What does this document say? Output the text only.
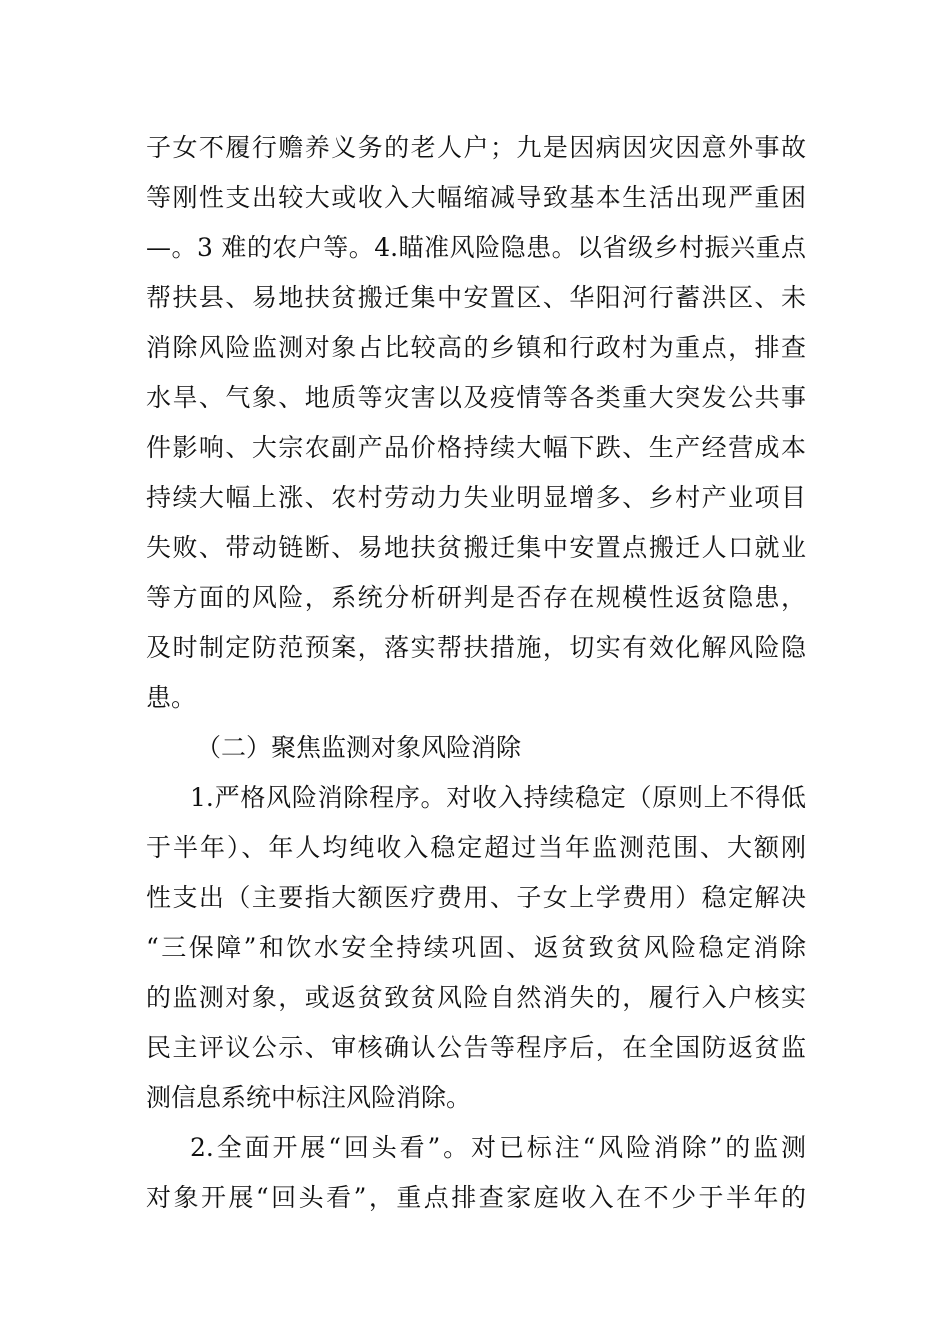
子女不履行赡养义务的老人户；九是因病因灾因意外事故
等刚性支出较大或收入大幅缩减导致基本生活出现严重困
—。3 难的农户等。4.瞄准风险隐患。以省级乡村振兴重点
帮扶县、易地扶贫搬迁集中安置区、华阳河行蓄洪区、未
消除风险监测对象占比较高的乡镇和行政村为重点，排查
水旱、气象、地质等灾害以及疫情等各类重大突发公共事
件影响、大宗农副产品价格持续大幅下跌、生产经营成本
持续大幅上涨、农村劳动力失业明显增多、乡村产业项目
失败、带动链断、易地扶贫搬迁集中安置点搬迁人口就业
等方面的风险，系统分析研判是否存在规模性返贫隐患，
及时制定防范预案，落实帮扶措施，切实有效化解风险隐
患。
（二）聚焦监测对象风险消除
1.严格风险消除程序。对收入持续稳定（原则上不得低
于半年）、年人均纯收入稳定超过当年监测范围、大额刚
性支出（主要指大额医疗费用、子女上学费用）稳定解决
“三保障”和饮水安全持续巩固、返贫致贫风险稳定消除
的监测对象，或返贫致贫风险自然消失的，履行入户核实
民主评议公示、审核确认公告等程序后，在全国防返贫监
测信息系统中标注风险消除。
2.全面开展“回头看”。对已标注“风险消除”的监测
对象开展“回头看”，重点排查家庭收入在不少于半年的
